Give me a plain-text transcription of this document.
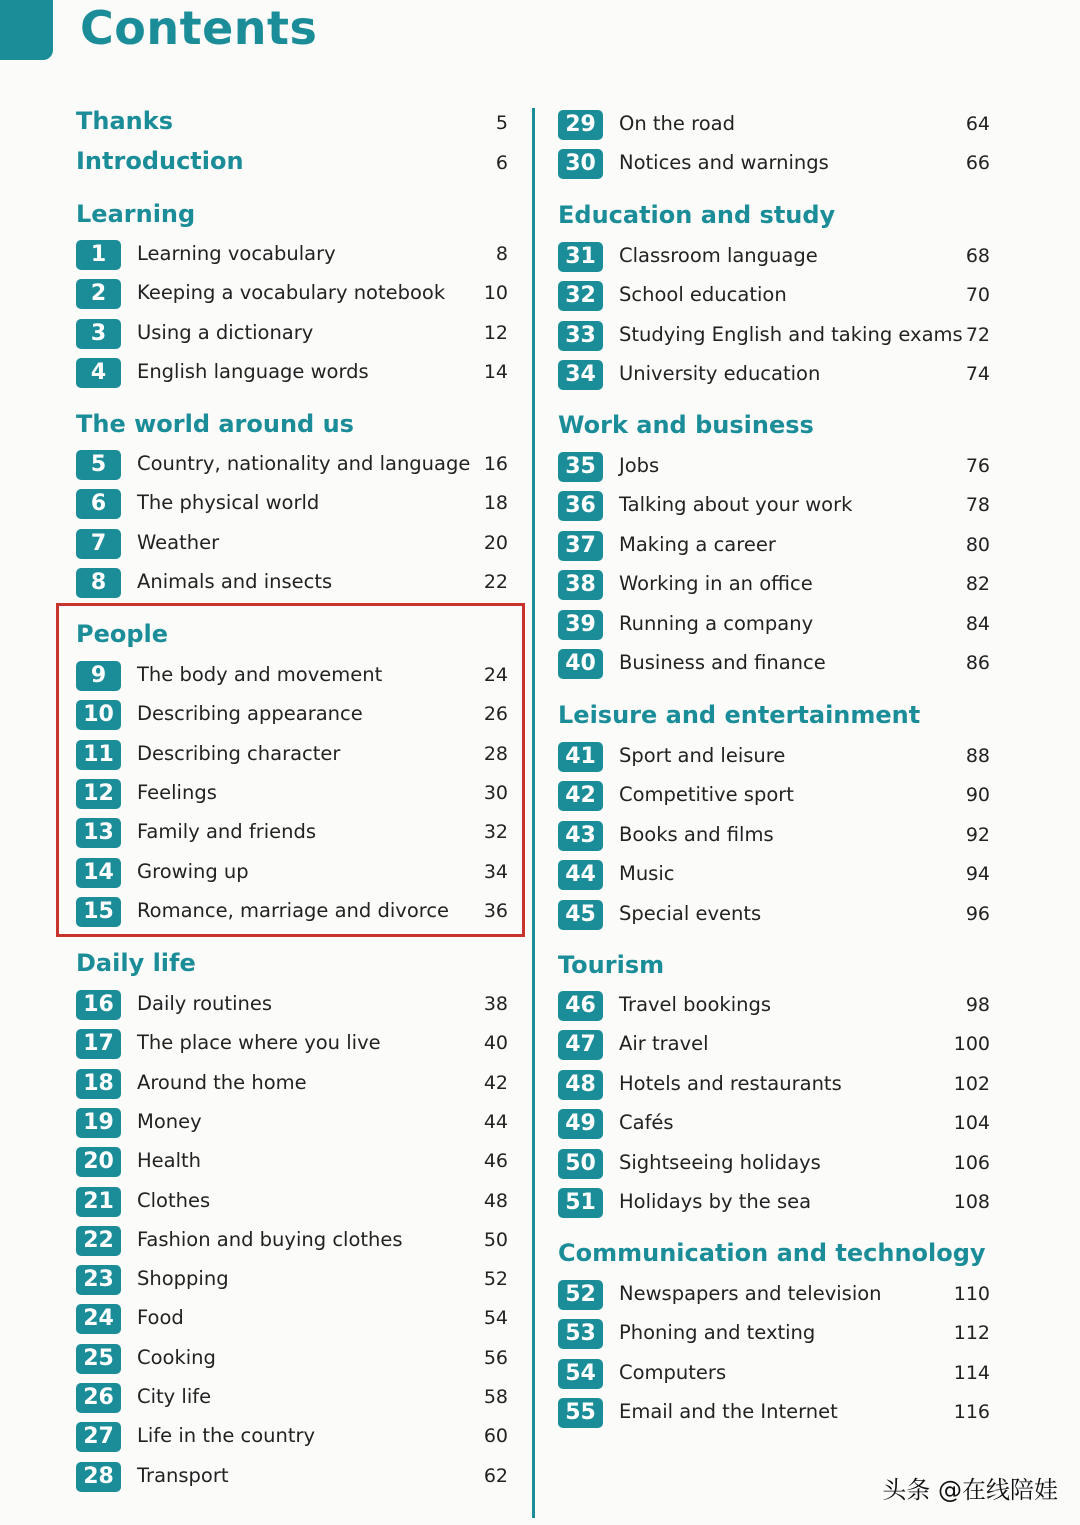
Contents
Thanks	5
Introduction	6
Learning
1	Learning vocabulary	8
2	Keeping a vocabulary notebook 10
3	Using a dictionary	12
4	English language words	14
The world around us
5	Country, nationality and language 16
6	The physical world	18
7	Weather	20
8	Animals and insects	22
People
9	The body and movement	24
10	Describing appearance	26
11	Describing character	28
12	Feelings	30
13	Family and friends	32
14	Growing up	34
15	Romance, marriage and divorce 36
Daily life
16	Daily routines	38
17	The place where you live	40
18	Around the home	42
19	Money	44
20	Health	46
21	Clothes	48
22	Fashion and buying clothes	50
23	Shopping	52
24	Food	54
25	Cooking	56
26	City life	58
27	Life in the country	60
28	Transport	62
29	On the road	64
30	Notices and warnings	66
Education and study
31	Classroom language	68
32	School education	70
33	Studying English and taking exams 72
34	University education	74
Work and business
35	Jobs	76
36	Talking about your work	78
37	Making a career	80
38	Working in an office	82
39	Running a company	84
40	Business and finance	86
Leisure and entertainment
41	Sport and leisure	88
42	Competitive sport	90
43	Books and films	92
44	Music	94
45	Special events	96
Tourism
46	Travel bookings	98
47	Air travel	100
48	Hotels and restaurants	102
49	Cafés	104
50	Sightseeing holidays	106
51	Holidays by the sea	108
Communication and technology
52	Newspapers and television	110
53	Phoning and texting	112
54	Computers	114
55	Email and the Internet	116
头条 @在线陪娃
